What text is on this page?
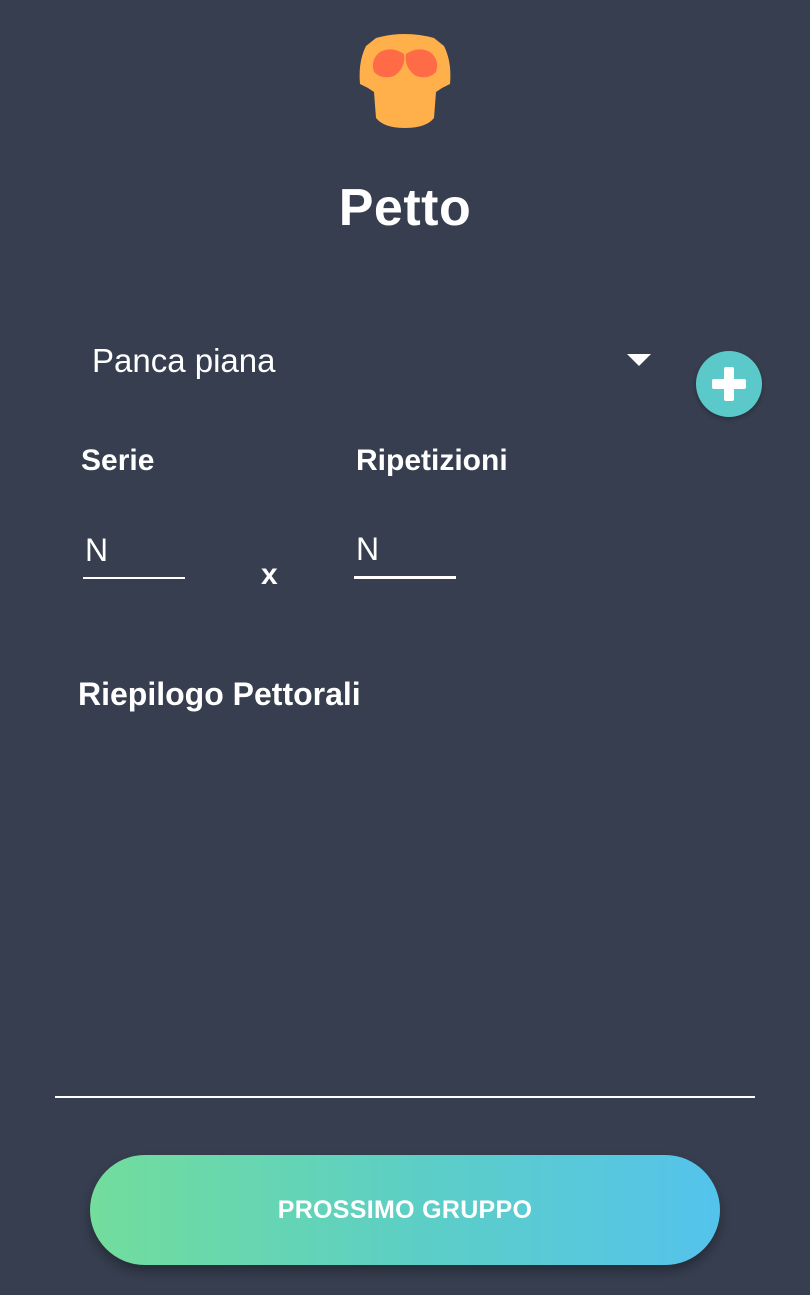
Petto
Panca piana
Serie	Ripetizioni
N
x
N
Riepilogo Pettorali
PROSSIMO GRUPPO
